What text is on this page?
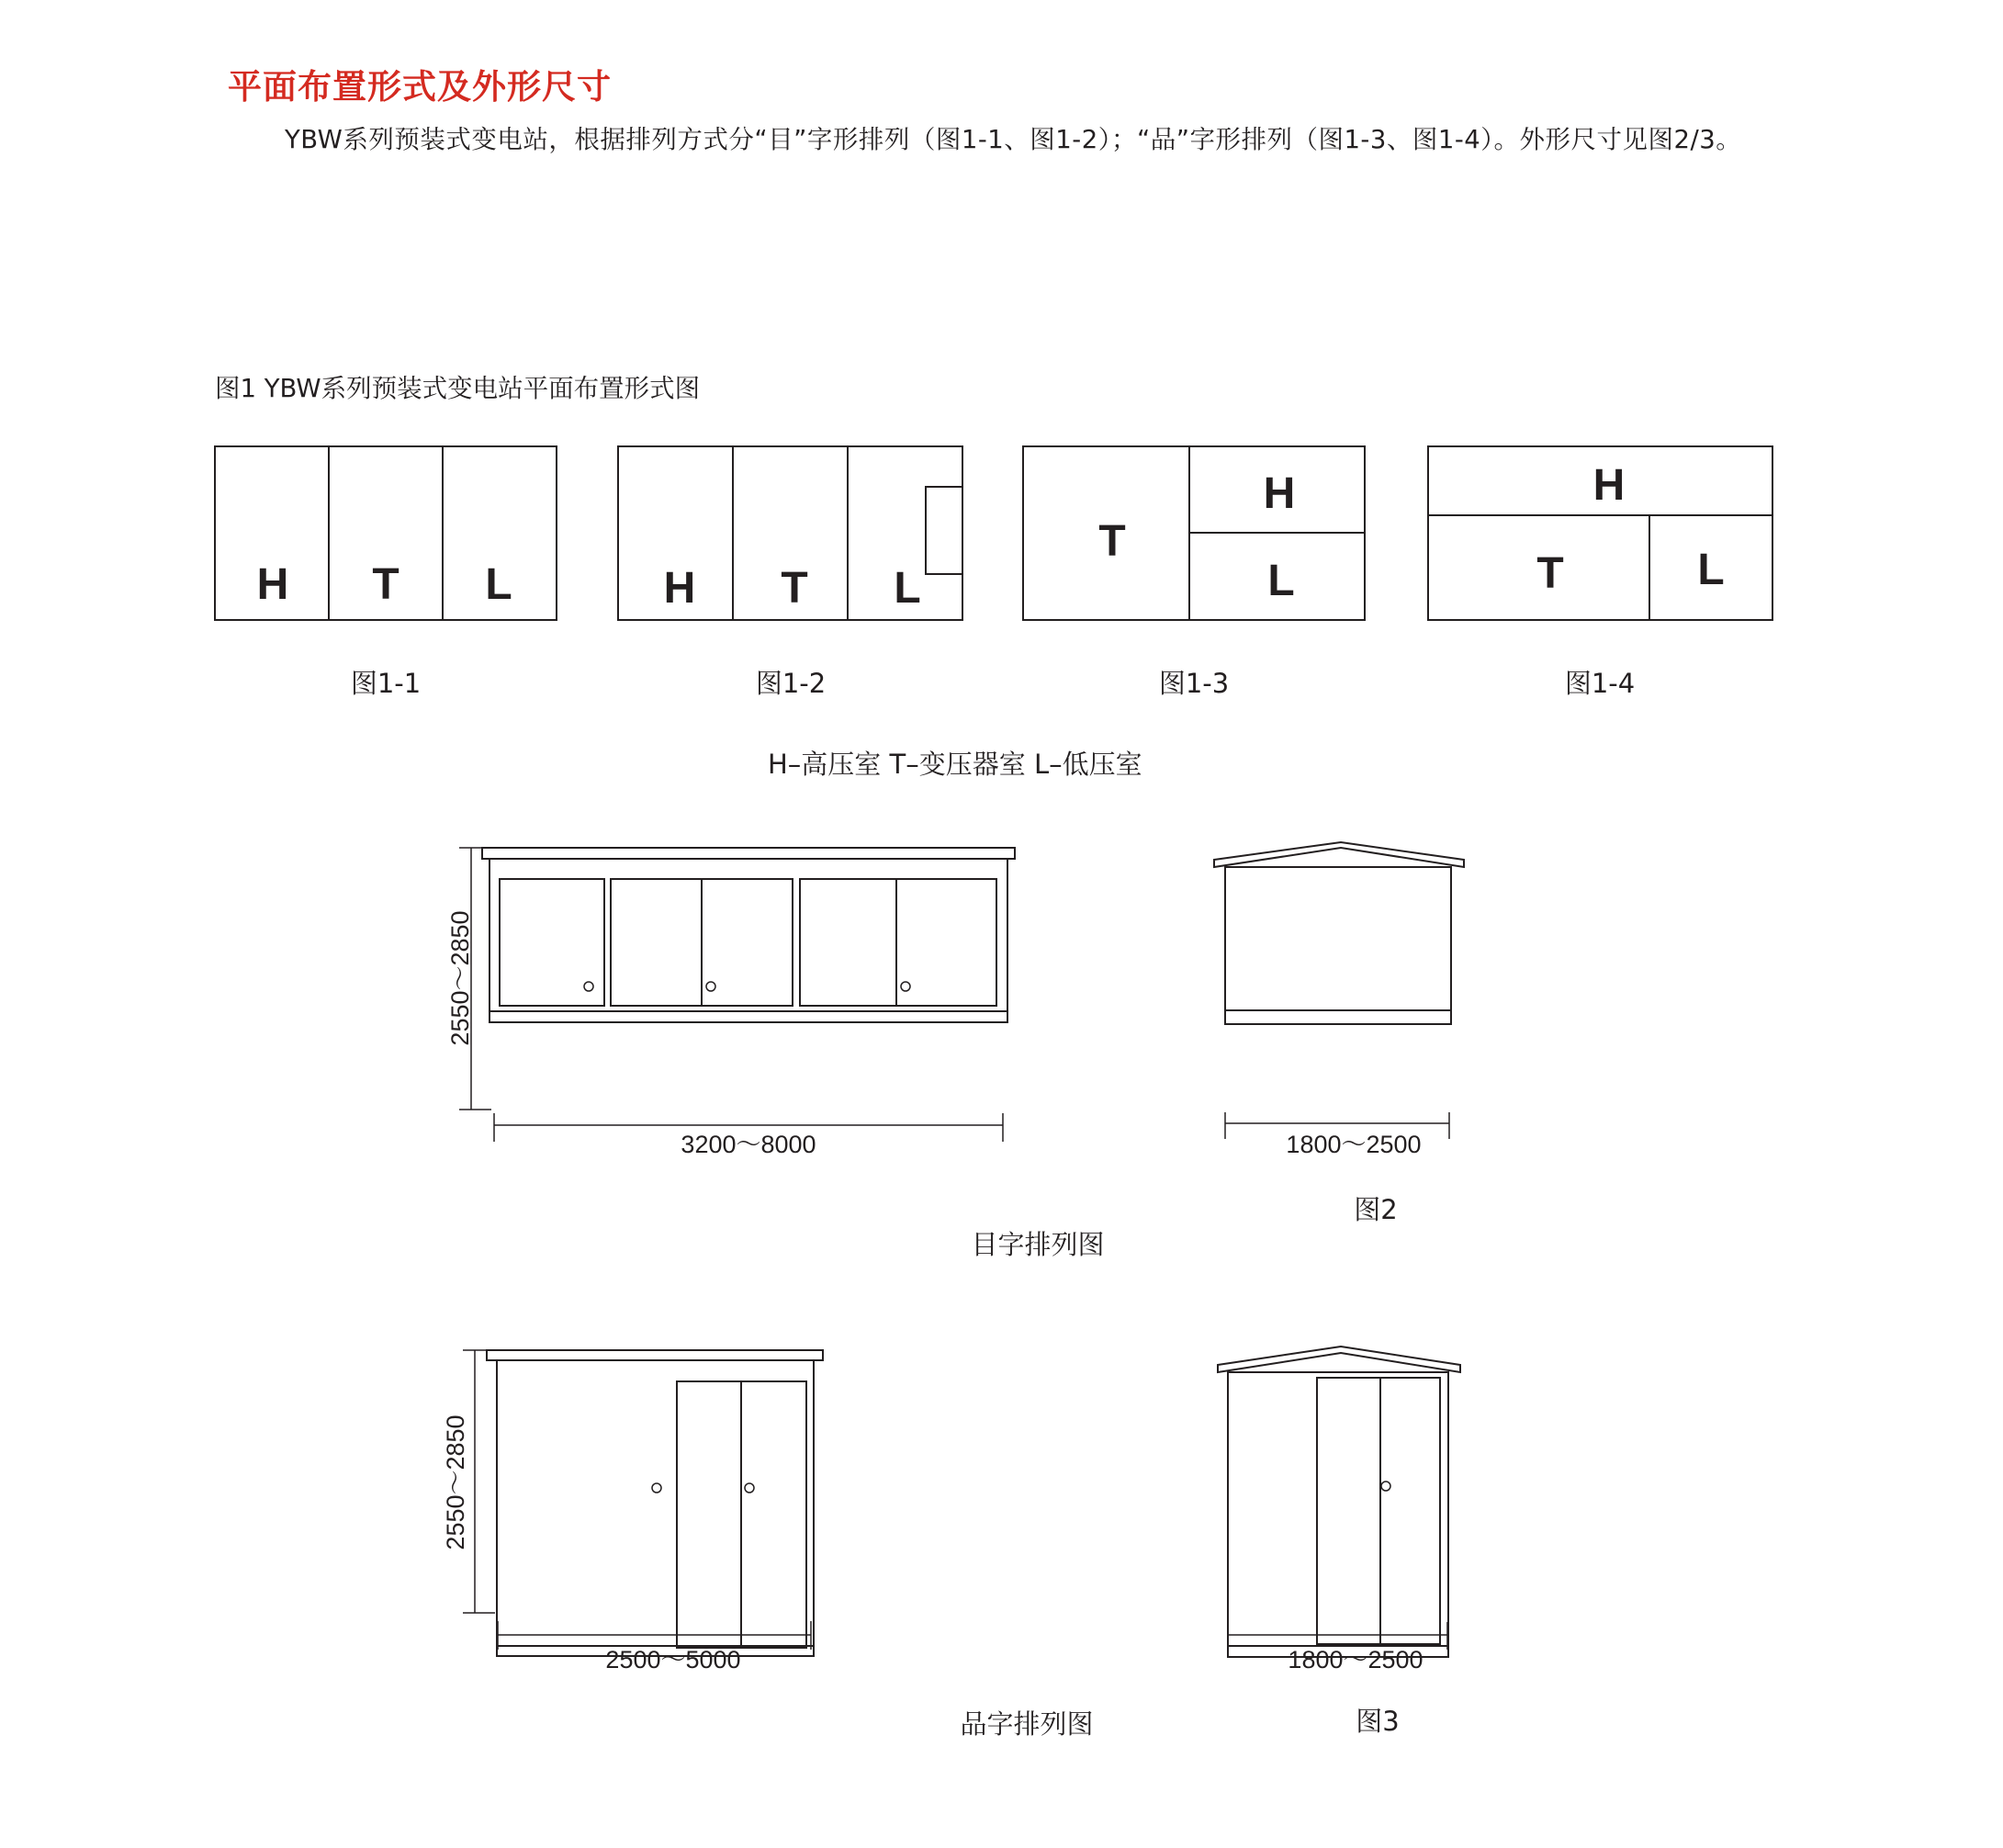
平面布置形式及外形尺寸
YBW系列预装式变电站，根据排列方式分“目”字形排列（图1-1、图1-2）；“品”字形排列（图1-3、图1-4）。外形尺寸见图2/3。
图1 YBW系列预装式变电站平面布置形式图
H T L	H T L
T
H
L
H
T	L
图1-1	图1-2	图1-3	图1-4
H–高压室 T–变压器室 L–低压室
3200～8000
2550～2850
1800～2500
图2
目字排列图
2500～5000
2550～2850
1800～2500
品字排列图	图3
